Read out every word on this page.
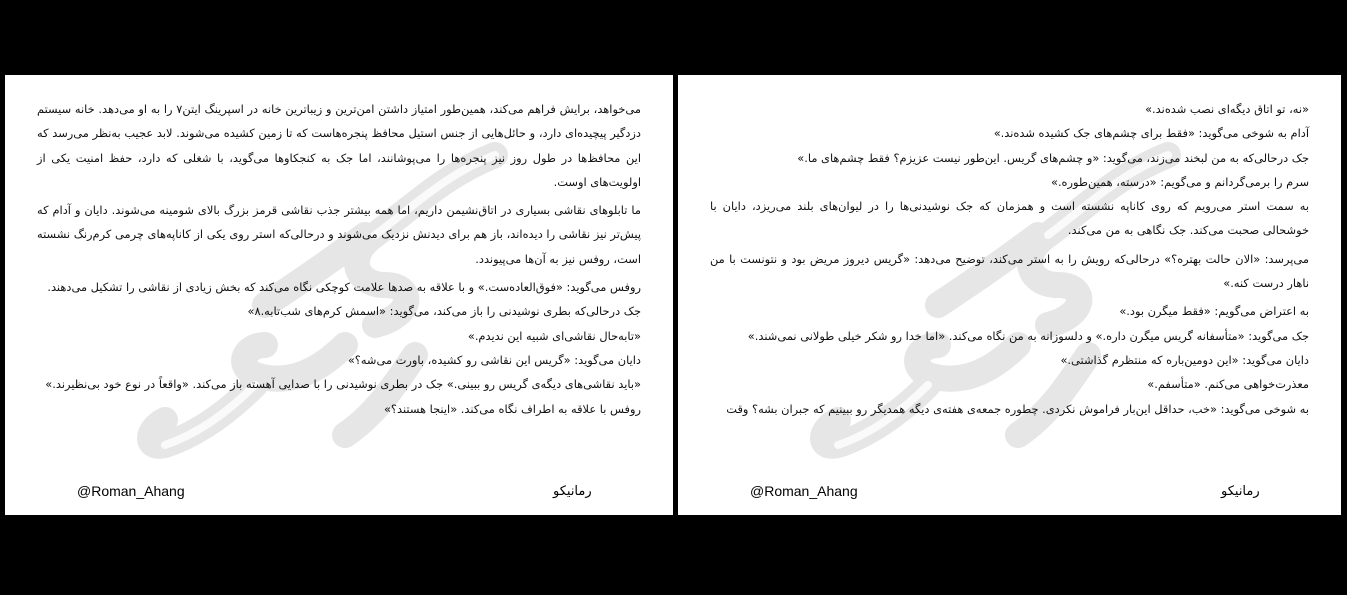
می‌خواهد، برایش فراهم می‌کند، همین‌طور امتیاز داشتن امن‌ترین و زیباترین خانه در اسپرینگ ایتن۷ را به او می‌دهد. خانه سیستم دزدگیر پیچیده‌ای دارد، و حائل‌هایی از جنس استیل محافظ پنجره‌هاست که تا زمین کشیده می‌شوند. لابد عجیب به‌نظر می‌رسد که این محافظ‌ها در طول روز نیز پنجره‌ها را می‌پوشانند، اما جک به کنجکاوها می‌گوید، با شغلی که دارد، حفظ امنیت یکی از اولویت‌های اوست.

ما تابلوهای نقاشی بسیاری در اتاق‌نشیمن داریم، اما همه بیشتر جذب نقاشی قرمز بزرگ بالای شومینه می‌شوند. دایان و آدام که پیش‌تر نیز نقاشی را دیده‌اند، باز هم برای دیدنش نزدیک می‌شوند و درحالی‌که استر روی یکی از کاناپه‌های چرمی کرم‌رنگ نشسته است، روفس نیز به آن‌ها می‌پیوندد.

روفس می‌گوید: «فوق‌العاده‌ست.» و با علاقه به صدها علامت کوچکی نگاه می‌کند که بخش زیادی از نقاشی را تشکیل می‌دهند.

جک درحالی‌که بطری نوشیدنی را باز می‌کند، می‌گوید: «اسمش کرم‌های شب‌تابه.۸»

«تابه‌حال نقاشی‌ای شبیه این ندیدم.»

دایان می‌گوید: «گریس این نقاشی رو کشیده، باورت می‌شه؟»

«باید نقاشی‌های دیگه‌ی گریس رو ببینی.» جک در بطری نوشیدنی را با صدایی آهسته باز می‌کند. «واقعاً در نوع خود بی‌نظیرند.»

روفس با علاقه به اطراف نگاه می‌کند. «اینجا هستند؟»

@Roman_Ahang	رمانیکو

«نه، تو اتاق دیگه‌ای نصب شده‌ند.»

آدام به شوخی می‌گوید: «فقط برای چشم‌های جک کشیده شده‌ند.»

جک درحالی‌که به من لبخند می‌زند، می‌گوید: «و چشم‌های گریس. این‌طور نیست عزیزم؟ فقط چشم‌های ما.»

سرم را برمی‌گردانم و می‌گویم: «درسته، همین‌طوره.»

به سمت استر می‌رویم که روی کاناپه نشسته است و همزمان که جک نوشیدنی‌ها را در لیوان‌های بلند می‌ریزد، دایان با خوشحالی صحبت می‌کند. جک نگاهی به من می‌کند.

می‌پرسد: «الان حالت بهتره؟» درحالی‌که رویش را به استر می‌کند، توضیح می‌دهد: «گریس دیروز مریض بود و نتونست با من ناهار درست کنه.»

به اعتراض می‌گویم: «فقط میگرن بود.»

جک می‌گوید: «متأسفانه گریس میگرن داره.» و دلسوزانه به من نگاه می‌کند. «اما خدا رو شکر خیلی طولانی نمی‌شند.»

دایان می‌گوید: «این دومین‌باره که منتظرم گذاشتی.»

معذرت‌خواهی می‌کنم. «متأسفم.»

به شوخی می‌گوید: «خب، حداقل این‌بار فراموش نکردی. چطوره جمعه‌ی هفته‌ی دیگه همدیگر رو ببینیم که جبران بشه؟ وقت

@Roman_Ahang	رمانیکو
